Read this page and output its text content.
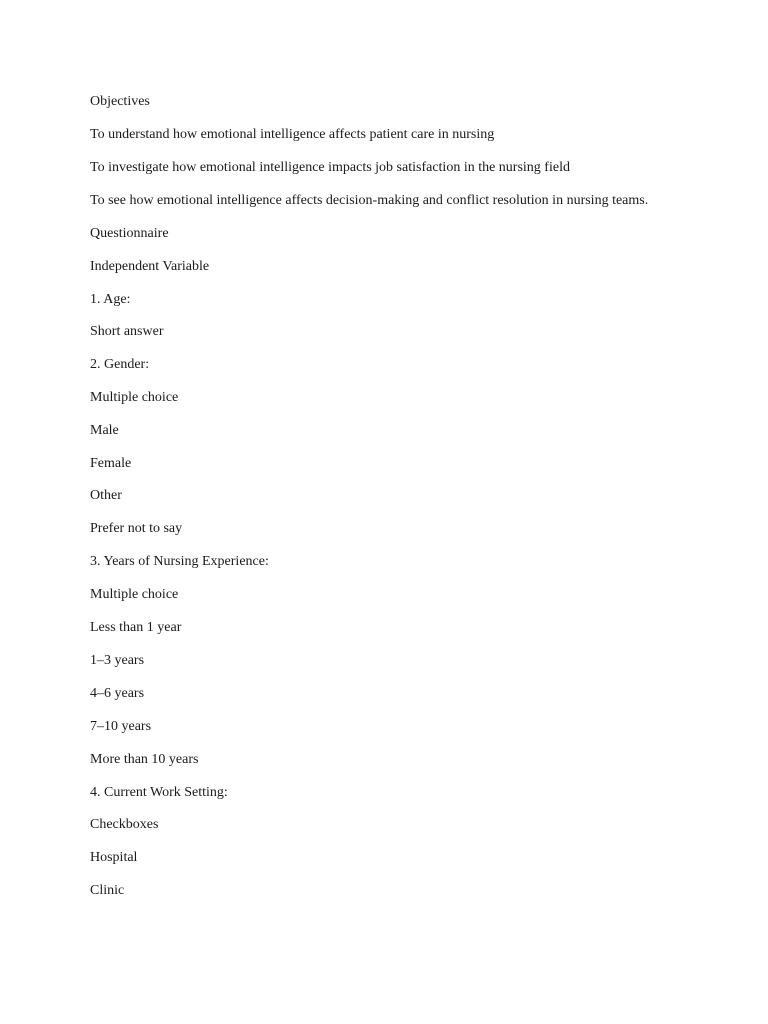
Objectives

To understand how emotional intelligence affects patient care in nursing

To investigate how emotional intelligence impacts job satisfaction in the nursing field

To see how emotional intelligence affects decision-making and conflict resolution in nursing teams.

Questionnaire

Independent Variable

1. Age:

Short answer

2. Gender:

Multiple choice

Male

Female

Other

Prefer not to say

3. Years of Nursing Experience:

Multiple choice

Less than 1 year

1–3 years

4–6 years

7–10 years

More than 10 years

4. Current Work Setting:

Checkboxes

Hospital

Clinic
